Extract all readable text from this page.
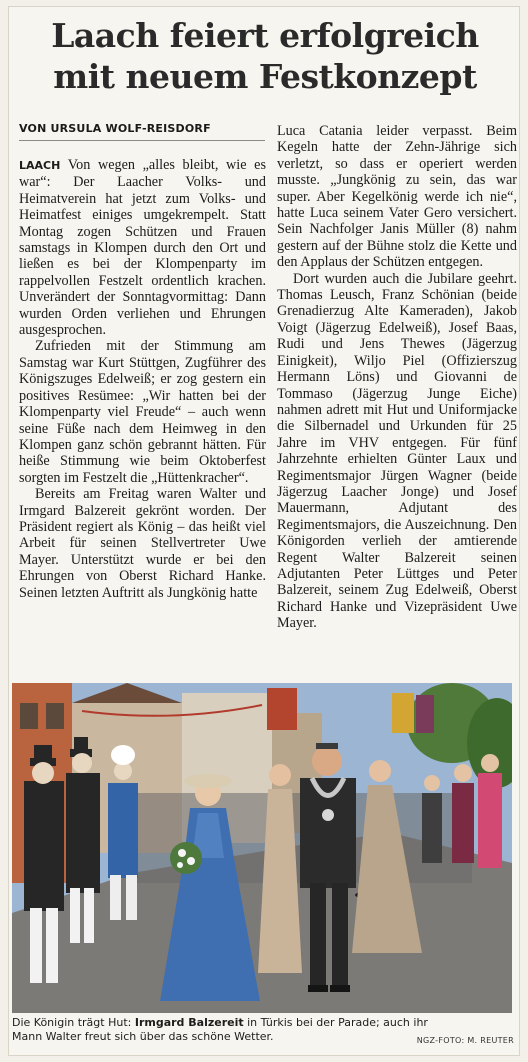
Laach feiert erfolgreich
mit neuem Festkonzept
VON URSULA WOLF-REISDORF

LAACH Von wegen „alles bleibt, wie es war“: Der Laacher Volks- und Heimatverein hat jetzt zum Volks- und Heimatfest einiges umgekrempelt. Statt Montag zogen Schützen und Frauen samstags in Klompen durch den Ort und ließen es bei der Klompenparty im rappelvollen Festzelt ordentlich krachen. Unverändert der Sonntagvormittag: Dann wurden Orden verliehen und Ehrungen ausgesprochen.

Zufrieden mit der Stimmung am Samstag war Kurt Stüttgen, Zugführer des Königszuges Edelweiß; er zog gestern ein positives Resümee: „Wir hatten bei der Klompenparty viel Freude“ – auch wenn seine Füße nach dem Heimweg in den Klompen ganz schön gebrannt hätten. Für heiße Stimmung wie beim Oktoberfest sorgten im Festzelt die „Hüttenkracher“.

Bereits am Freitag waren Walter und Irmgard Balzereit gekrönt worden. Der Präsident regiert als König – das heißt viel Arbeit für seinen Stellvertreter Uwe Mayer. Unterstützt wurde er bei den Ehrungen von Oberst Richard Hanke. Seinen letzten Auftritt als Jungkönig hatte

Luca Catania leider verpasst. Beim Kegeln hatte der Zehn-Jährige sich verletzt, so dass er operiert werden musste. „Jungkönig zu sein, das war super. Aber Kegelkönig werde ich nie“, hatte Luca seinem Vater Gero versichert. Sein Nachfolger Janis Müller (8) nahm gestern auf der Bühne stolz die Kette und den Applaus der Schützen entgegen.

Dort wurden auch die Jubilare geehrt. Thomas Leusch, Franz Schönian (beide Grenadierzug Alte Kameraden), Jakob Voigt (Jägerzug Edelweiß), Josef Baas, Rudi und Jens Thewes (Jägerzug Einigkeit), Wiljo Piel (Offizierszug Hermann Löns) und Giovanni de Tommaso (Jägerzug Junge Eiche) nahmen adrett mit Hut und Uniformjacke die Silbernadel und Urkunden für 25 Jahre im VHV entgegen. Für fünf Jahrzehnte erhielten Günter Laux und Regimentsmajor Jürgen Wagner (beide Jägerzug Laacher Jonge) und Josef Mauermann, Adjutant des Regimentsmajors, die Auszeichnung. Den Königorden verlieh der amtierende Regent Walter Balzereit seinen Adjutanten Peter Lüttges und Peter Balzereit, seinem Zug Edelweiß, Oberst Richard Hanke und Vizepräsident Uwe Mayer.

Die Königin trägt Hut: Irmgard Balzereit in Türkis bei der Parade; auch ihr Mann Walter freut sich über das schöne Wetter.	NGZ-FOTO: M. REUTER
